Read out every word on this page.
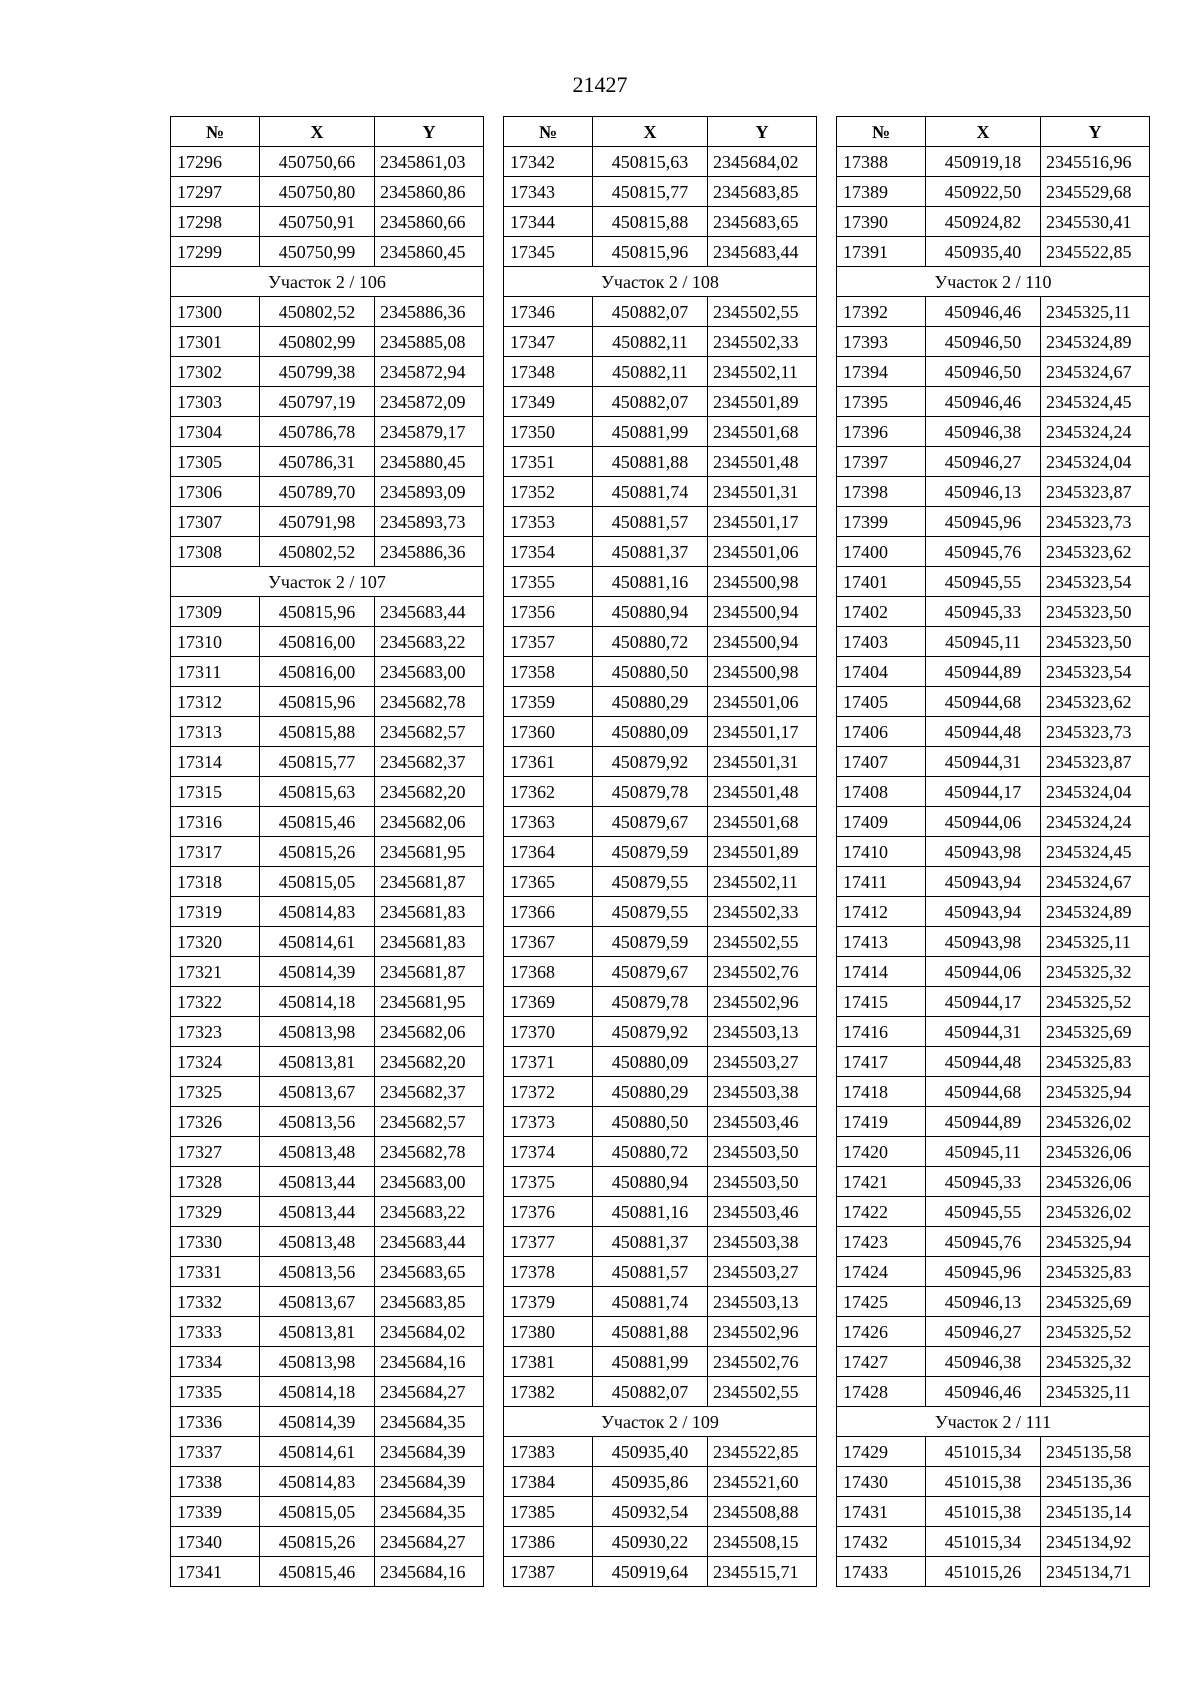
21427
№	X	Y
17296	450750,66	2345861,03
17297	450750,80	2345860,86
17298	450750,91	2345860,66
17299	450750,99	2345860,45
Участок 2 / 106		
17300	450802,52	2345886,36
17301	450802,99	2345885,08
17302	450799,38	2345872,94
17303	450797,19	2345872,09
17304	450786,78	2345879,17
17305	450786,31	2345880,45
17306	450789,70	2345893,09
17307	450791,98	2345893,73
17308	450802,52	2345886,36
Участок 2 / 107		
17309	450815,96	2345683,44
17310	450816,00	2345683,22
17311	450816,00	2345683,00
17312	450815,96	2345682,78
17313	450815,88	2345682,57
17314	450815,77	2345682,37
17315	450815,63	2345682,20
17316	450815,46	2345682,06
17317	450815,26	2345681,95
17318	450815,05	2345681,87
17319	450814,83	2345681,83
17320	450814,61	2345681,83
17321	450814,39	2345681,87
17322	450814,18	2345681,95
17323	450813,98	2345682,06
17324	450813,81	2345682,20
17325	450813,67	2345682,37
17326	450813,56	2345682,57
17327	450813,48	2345682,78
17328	450813,44	2345683,00
17329	450813,44	2345683,22
17330	450813,48	2345683,44
17331	450813,56	2345683,65
17332	450813,67	2345683,85
17333	450813,81	2345684,02
17334	450813,98	2345684,16
17335	450814,18	2345684,27
17336	450814,39	2345684,35
17337	450814,61	2345684,39
17338	450814,83	2345684,39
17339	450815,05	2345684,35
17340	450815,26	2345684,27
17341	450815,46	2345684,16
№	X	Y
17342	450815,63	2345684,02
17343	450815,77	2345683,85
17344	450815,88	2345683,65
17345	450815,96	2345683,44
Участок 2 / 108		
17346	450882,07	2345502,55
17347	450882,11	2345502,33
17348	450882,11	2345502,11
17349	450882,07	2345501,89
17350	450881,99	2345501,68
17351	450881,88	2345501,48
17352	450881,74	2345501,31
17353	450881,57	2345501,17
17354	450881,37	2345501,06
17355	450881,16	2345500,98
17356	450880,94	2345500,94
17357	450880,72	2345500,94
17358	450880,50	2345500,98
17359	450880,29	2345501,06
17360	450880,09	2345501,17
17361	450879,92	2345501,31
17362	450879,78	2345501,48
17363	450879,67	2345501,68
17364	450879,59	2345501,89
17365	450879,55	2345502,11
17366	450879,55	2345502,33
17367	450879,59	2345502,55
17368	450879,67	2345502,76
17369	450879,78	2345502,96
17370	450879,92	2345503,13
17371	450880,09	2345503,27
17372	450880,29	2345503,38
17373	450880,50	2345503,46
17374	450880,72	2345503,50
17375	450880,94	2345503,50
17376	450881,16	2345503,46
17377	450881,37	2345503,38
17378	450881,57	2345503,27
17379	450881,74	2345503,13
17380	450881,88	2345502,96
17381	450881,99	2345502,76
17382	450882,07	2345502,55
Участок 2 / 109		
17383	450935,40	2345522,85
17384	450935,86	2345521,60
17385	450932,54	2345508,88
17386	450930,22	2345508,15
17387	450919,64	2345515,71
№	X	Y
17388	450919,18	2345516,96
17389	450922,50	2345529,68
17390	450924,82	2345530,41
17391	450935,40	2345522,85
Участок 2 / 110		
17392	450946,46	2345325,11
17393	450946,50	2345324,89
17394	450946,50	2345324,67
17395	450946,46	2345324,45
17396	450946,38	2345324,24
17397	450946,27	2345324,04
17398	450946,13	2345323,87
17399	450945,96	2345323,73
17400	450945,76	2345323,62
17401	450945,55	2345323,54
17402	450945,33	2345323,50
17403	450945,11	2345323,50
17404	450944,89	2345323,54
17405	450944,68	2345323,62
17406	450944,48	2345323,73
17407	450944,31	2345323,87
17408	450944,17	2345324,04
17409	450944,06	2345324,24
17410	450943,98	2345324,45
17411	450943,94	2345324,67
17412	450943,94	2345324,89
17413	450943,98	2345325,11
17414	450944,06	2345325,32
17415	450944,17	2345325,52
17416	450944,31	2345325,69
17417	450944,48	2345325,83
17418	450944,68	2345325,94
17419	450944,89	2345326,02
17420	450945,11	2345326,06
17421	450945,33	2345326,06
17422	450945,55	2345326,02
17423	450945,76	2345325,94
17424	450945,96	2345325,83
17425	450946,13	2345325,69
17426	450946,27	2345325,52
17427	450946,38	2345325,32
17428	450946,46	2345325,11
Участок 2 / 111		
17429	451015,34	2345135,58
17430	451015,38	2345135,36
17431	451015,38	2345135,14
17432	451015,34	2345134,92
17433	451015,26	2345134,71
